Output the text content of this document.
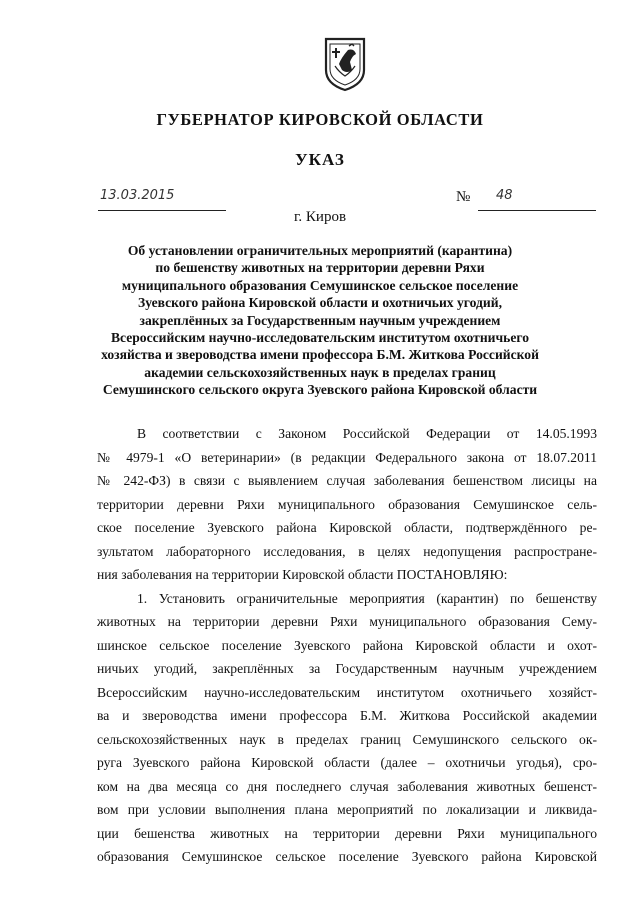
ГУБЕРНАТОР КИРОВСКОЙ ОБЛАСТИ
УКАЗ
13.03.2015	№ 48
г. Киров
Об установлении ограничительных мероприятий (карантина)
по бешенству животных на территории деревни Ряхи
муниципального образования Семушинское сельское поселение
Зуевского района Кировской области и охотничьих угодий,
закреплённых за Государственным научным учреждением
Всероссийским научно-исследовательским институтом охотничьего
хозяйства и звероводства имени профессора Б.М. Житкова Российской
академии сельскохозяйственных наук в пределах границ
Семушинского сельского округа Зуевского района Кировской области
В соответствии с Законом Российской Федерации от 14.05.1993
№ 4979-1 «О ветеринарии» (в редакции Федерального закона от 18.07.2011
№ 242-ФЗ) в связи с выявлением случая заболевания бешенством лисицы на
территории деревни Ряхи муниципального образования Семушинское сель-
ское поселение Зуевского района Кировской области, подтверждённого ре-
зультатом лабораторного исследования, в целях недопущения распростране-
ния заболевания на территории Кировской области ПОСТАНОВЛЯЮ:
1. Установить ограничительные мероприятия (карантин) по бешенству
животных на территории деревни Ряхи муниципального образования Сему-
шинское сельское поселение Зуевского района Кировской области и охот-
ничьих угодий, закреплённых за Государственным научным учреждением
Всероссийским научно-исследовательским институтом охотничьего хозяйст-
ва и звероводства имени профессора Б.М. Житкова Российской академии
сельскохозяйственных наук в пределах границ Семушинского сельского ок-
руга Зуевского района Кировской области (далее – охотничьи угодья), сро-
ком на два месяца со дня последнего случая заболевания животных бешенст-
вом при условии выполнения плана мероприятий по локализации и ликвида-
ции бешенства животных на территории деревни Ряхи муниципального
образования Семушинское сельское поселение Зуевского района Кировской
